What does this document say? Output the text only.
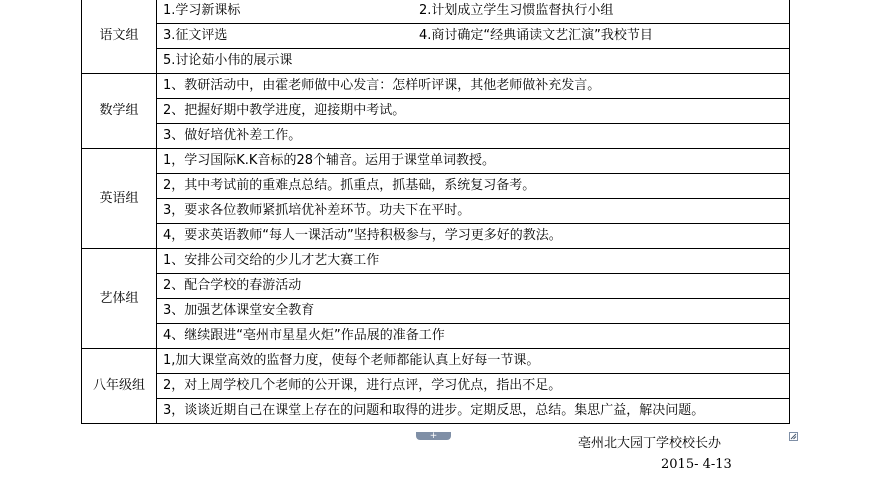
语文组	1.学习新课标 2.计划成立学生习惯监督执行小组

	3.征文评选 4.商讨确定“经典诵读文艺汇演”我校节目

	5.讨论茹小伟的展示课
数学组	1、教研活动中，由霍老师做中心发言：怎样听评课，其他老师做补充发言。
	2、把握好期中教学进度，迎接期中考试。
	3、做好培优补差工作。
英语组	1，学习国际K.K音标的28个辅音。运用于课堂单词教授。
	2，其中考试前的重难点总结。抓重点，抓基础，系统复习备考。
	3，要求各位教师紧抓培优补差环节。功夫下在平时。
	4，要求英语教师“每人一课活动”坚持积极参与，学习更多好的教法。
艺体组	1、安排公司交给的少儿才艺大赛工作
	2、配合学校的春游活动
	3、加强艺体课堂安全教育
	4、继续跟进“亳州市星星火炬”作品展的准备工作
八年级组	1,加大课堂高效的监督力度，使每个老师都能认真上好每一节课。
	2，对上周学校几个老师的公开课，进行点评，学习优点，指出不足。
	3，谈谈近期自己在课堂上存在的问题和取得的进步。定期反思，总结。集思广益，解决问题。
+	亳州北大园丁学校校长办
2015- 4-13
